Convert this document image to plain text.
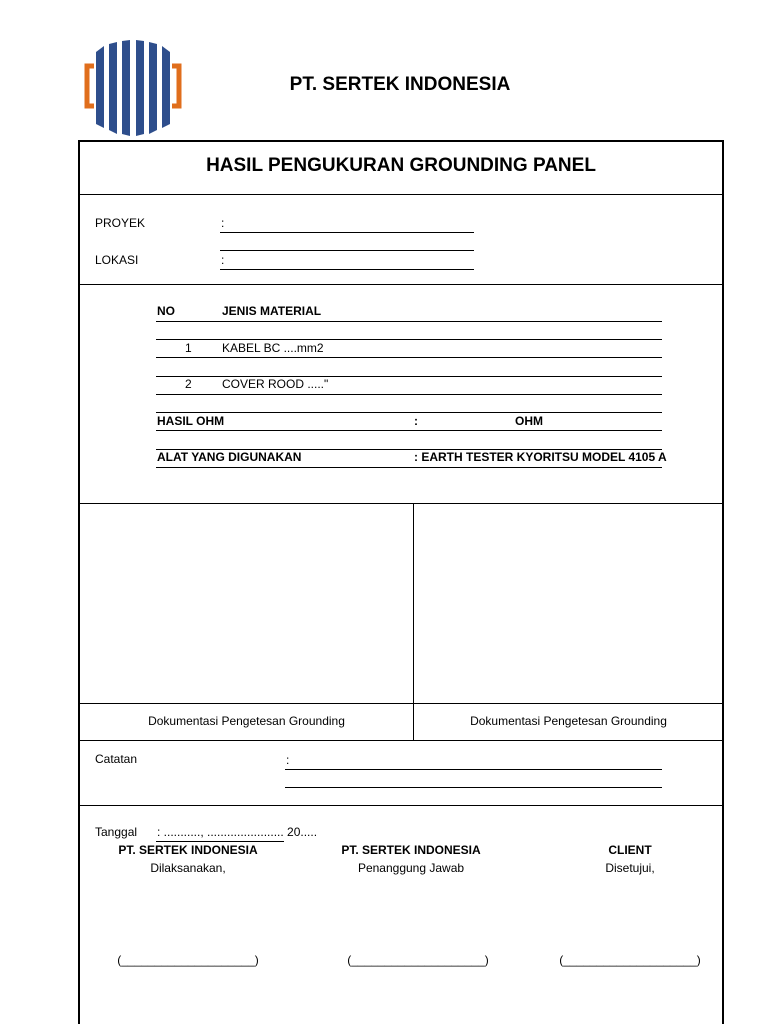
PT. SERTEK INDONESIA
HASIL PENGUKURAN GROUNDING PANEL
PROYEK	:
LOKASI	:
NO	JENIS MATERIAL
1	KABEL BC ....mm2
2	COVER ROOD ....."
HASIL OHM	:	OHM
ALAT YANG DIGUNAKAN	: EARTH TESTER KYORITSU MODEL 4105 A
Dokumentasi Pengetesan Grounding	Dokumentasi Pengetesan Grounding
Catatan	:
Tanggal : ..........., ....................... 20.....
PT. SERTEK INDONESIA
Dilaksanakan,
(____________________)
PT. SERTEK INDONESIA
Penanggung Jawab
(____________________)
CLIENT
Disetujui,
(____________________)
